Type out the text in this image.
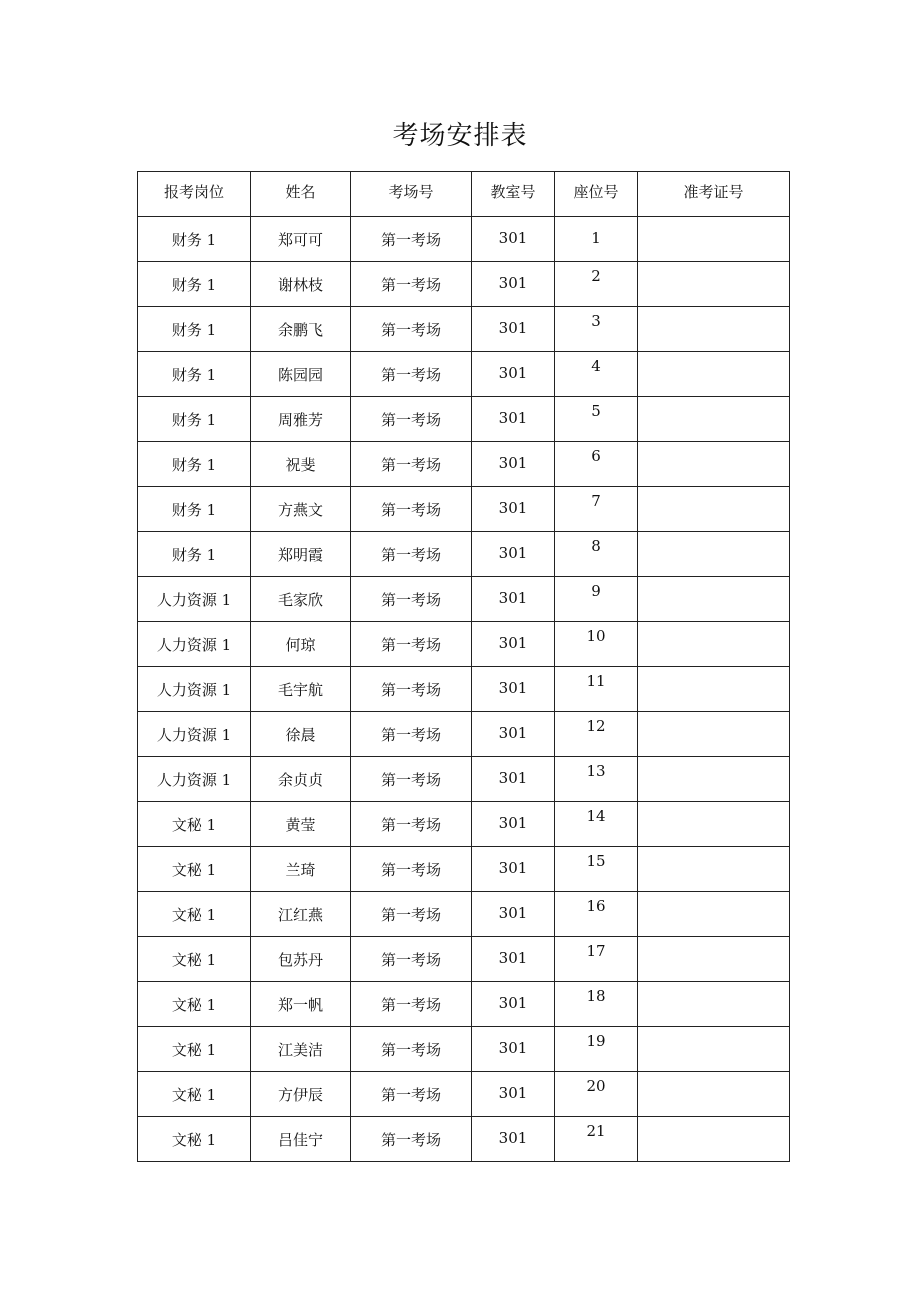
考场安排表
报考岗位	姓名	考场号	教室号	座位号	准考证号
财务 1	郑可可	第一考场	301	1	
财务 1	谢林枝	第一考场	301	2	
财务 1	余鹏飞	第一考场	301	3	
财务 1	陈园园	第一考场	301	4	
财务 1	周雅芳	第一考场	301	5	
财务 1	祝斐	第一考场	301	6	
财务 1	方燕文	第一考场	301	7	
财务 1	郑明霞	第一考场	301	8	
人力资源 1	毛家欣	第一考场	301	9	
人力资源 1	何琼	第一考场	301	10	
人力资源 1	毛宇航	第一考场	301	11	
人力资源 1	徐晨	第一考场	301	12	
人力资源 1	余贞贞	第一考场	301	13	
文秘 1	黄莹	第一考场	301	14	
文秘 1	兰琦	第一考场	301	15	
文秘 1	江红燕	第一考场	301	16	
文秘 1	包苏丹	第一考场	301	17	
文秘 1	郑一帆	第一考场	301	18	
文秘 1	江美洁	第一考场	301	19	
文秘 1	方伊辰	第一考场	301	20	
文秘 1	吕佳宁	第一考场	301	21	
